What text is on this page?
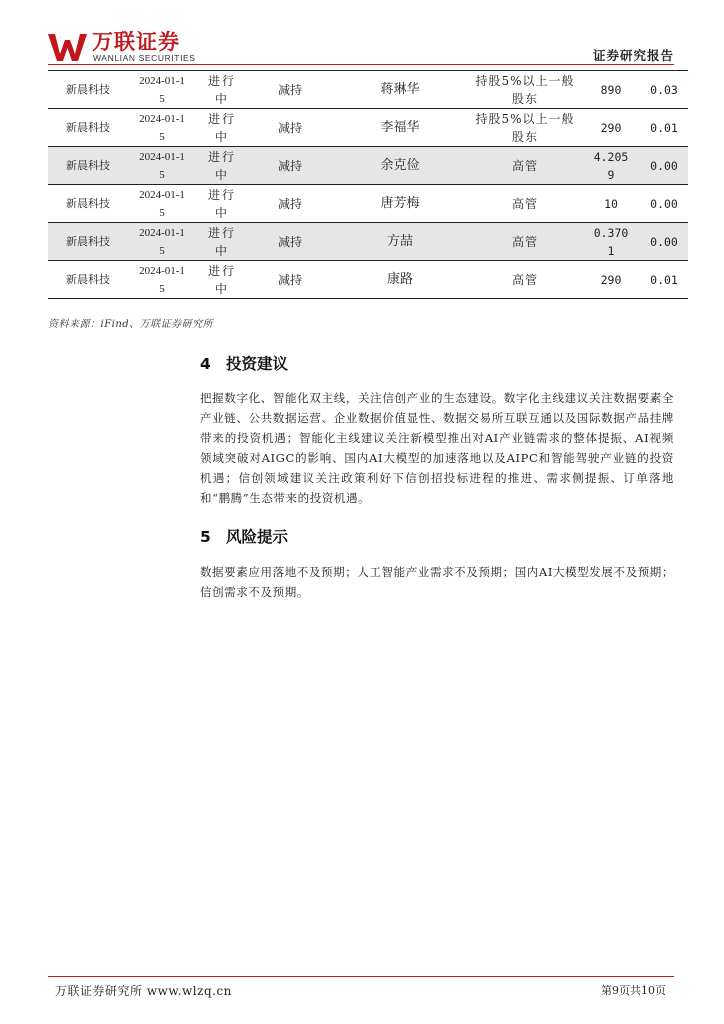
万联证券
WANLIAN SECURITIES	证券研究报告
新晨科技	2024-01-15	进行中	减持	蒋琳华	持股5%以上一般股东	890	0.03
新晨科技	2024-01-15	进行中	减持	李福华	持股5%以上一般股东	290	0.01
新晨科技	2024-01-15	进行中	减持	余克俭	高管	4.2059	0.00
新晨科技	2024-01-15	进行中	减持	唐芳梅	高管	10	0.00
新晨科技	2024-01-15	进行中	减持	方喆	高管	0.3701	0.00
新晨科技	2024-01-15	进行中	减持	康路	高管	290	0.01
资料来源：iFind、万联证券研究所
4 投资建议
把握数字化、智能化双主线，关注信创产业的生态建设。数字化主线建议关注数据要素全产业链、公共数据运营、企业数据价值显性、数据交易所互联互通以及国际数据产品挂牌带来的投资机遇；智能化主线建议关注新模型推出对AI产业链需求的整体提振、AI视频领域突破对AIGC的影响、国内AI大模型的加速落地以及AIPC和智能驾驶产业链的投资机遇；信创领域建议关注政策利好下信创招投标进程的推进、需求侧提振、订单落地和“鹏腾”生态带来的投资机遇。
5 风险提示
数据要素应用落地不及预期；人工智能产业需求不及预期；国内AI大模型发展不及预期；信创需求不及预期。
万联证券研究所 www.wlzq.cn	第9页共10页
